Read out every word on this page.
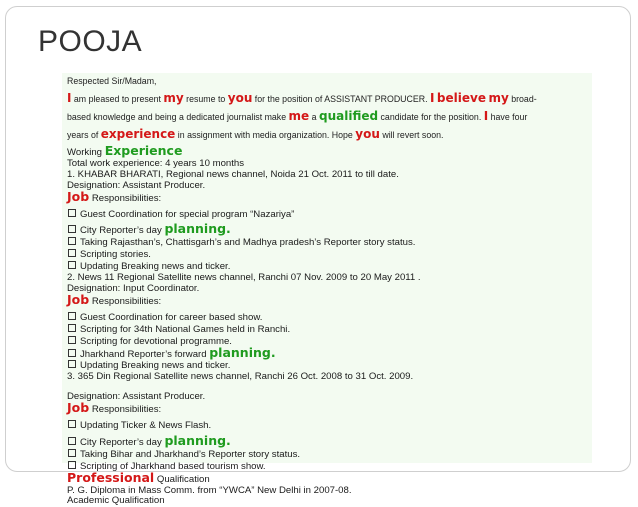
POOJA
Respected Sir/Madam,
I am pleased to present my resume to you for the position of ASSISTANT PRODUCER. I believe my broad-
based knowledge and being a dedicated journalist make me a qualified candidate for the position. I have four
years of experience in assignment with media organization. Hope you will revert soon.
Working Experience
Total work experience: 4 years 10 months
1. KHABAR BHARATI, Regional news channel, Noida 21 Oct. 2011 to till date.
Designation: Assistant Producer.
Job Responsibilities:
Guest Coordination for special program “Nazariya”
City Reporter’s day planning.
Taking Rajasthan’s, Chattisgarh’s and Madhya pradesh’s Reporter story status.
Scripting stories.
Updating Breaking news and ticker.
2. News 11 Regional Satellite news channel, Ranchi 07 Nov. 2009 to 20 May 2011 .
Designation: Input Coordinator.
Job Responsibilities:
Guest Coordination for career based show.
Scripting for 34th National Games held in Ranchi.
Scripting for devotional programme.
Jharkhand Reporter’s forward planning.
Updating Breaking news and ticker.
3. 365 Din Regional Satellite news channel, Ranchi 26 Oct. 2008 to 31 Oct. 2009.
Designation: Assistant Producer.
Job Responsibilities:
Updating Ticker & News Flash.
City Reporter’s day planning.
Taking Bihar and Jharkhand’s Reporter story status.
Scripting of Jharkhand based tourism show.
Professional Qualification
P. G. Diploma in Mass Comm. from “YWCA” New Delhi in 2007-08.
Academic Qualification
